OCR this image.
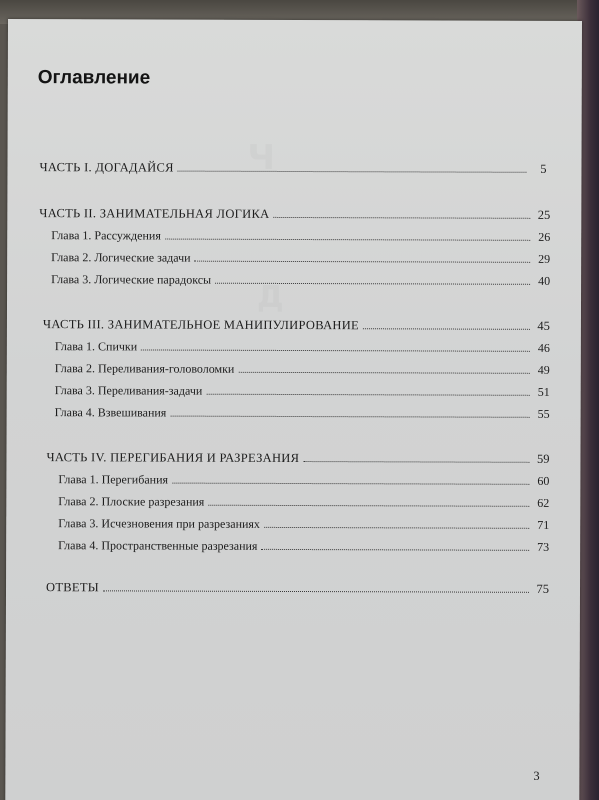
Ч
Д
Оглавление
ЧАСТЬ I. ДОГАДАЙСЯ	5
ЧАСТЬ II. ЗАНИМАТЕЛЬНАЯ ЛОГИКА	25
Глава 1. Рассуждения	26
Глава 2. Логические задачи	29
Глава 3. Логические парадоксы	40
ЧАСТЬ III. ЗАНИМАТЕЛЬНОЕ МАНИПУЛИРОВАНИЕ	45
Глава 1. Спички	46
Глава 2. Переливания-головоломки	49
Глава 3. Переливания-задачи	51
Глава 4. Взвешивания	55
ЧАСТЬ IV. ПЕРЕГИБАНИЯ И РАЗРЕЗАНИЯ	59
Глава 1. Перегибания	60
Глава 2. Плоские разрезания	62
Глава 3. Исчезновения при разрезаниях	71
Глава 4. Пространственные разрезания	73
ОТВЕТЫ	75
3
